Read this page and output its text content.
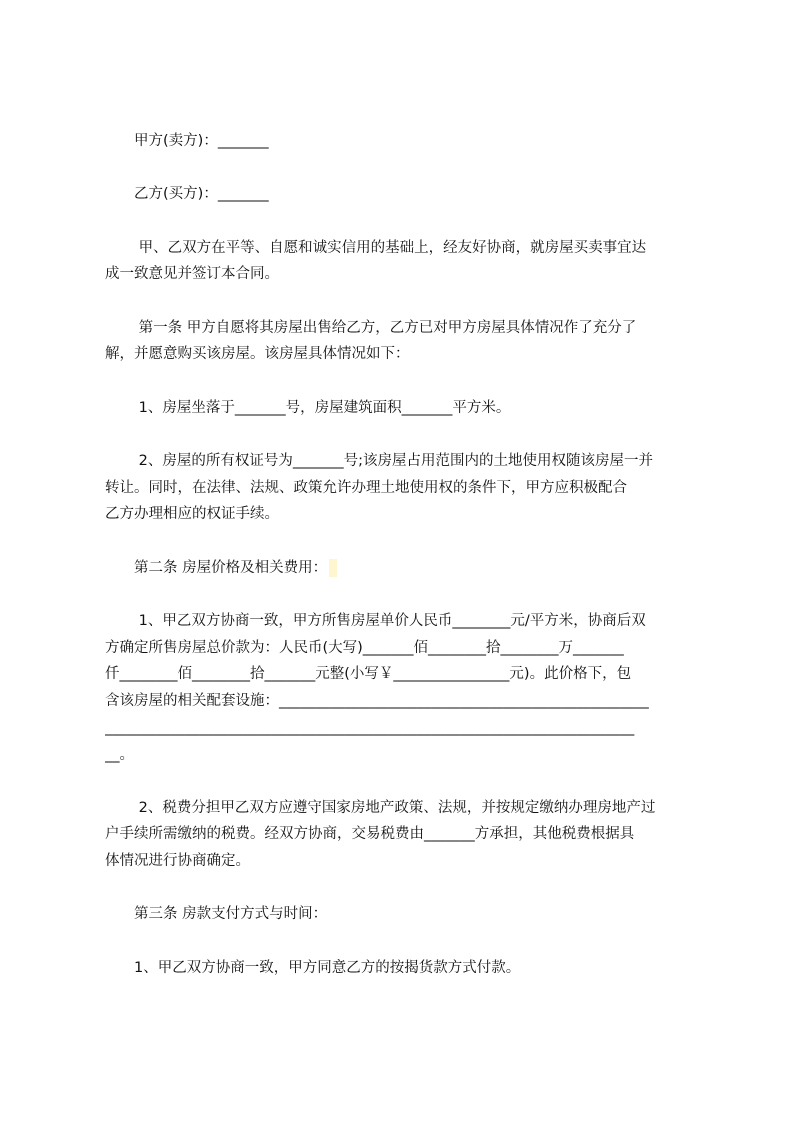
　　甲方(卖方)：_______
　　乙方(买方)：_______
　　 甲、乙双方在平等、自愿和诚实信用的基础上，经友好协商，就房屋买卖事宜达
成一致意见并签订本合同。
　　 第一条 甲方自愿将其房屋出售给乙方，乙方已对甲方房屋具体情况作了充分了
解，并愿意购买该房屋。该房屋具体情况如下：
　　 1、房屋坐落于_______号，房屋建筑面积_______平方米。
　　 2、房屋的所有权证号为_______号;该房屋占用范围内的土地使用权随该房屋一并
转让。同时，在法律、法规、政策允许办理土地使用权的条件下，甲方应积极配合
乙方办理相应的权证手续。
　　第二条 房屋价格及相关费用：
　　 1、甲乙双方协商一致，甲方所售房屋单价人民币________元/平方米，协商后双
方确定所售房屋总价款为：人民币(大写)_______佰________拾________万_______
仟________佰________拾_______元整(小写￥________________元)。此价格下，包
含该房屋的相关配套设施：___________________________________________________
_________________________________________________________________________
__。
　　 2、税费分担甲乙双方应遵守国家房地产政策、法规，并按规定缴纳办理房地产过
户手续所需缴纳的税费。经双方协商，交易税费由_______方承担，其他税费根据具
体情况进行协商确定。
　　第三条 房款支付方式与时间：
　　1、甲乙双方协商一致，甲方同意乙方的按揭货款方式付款。
